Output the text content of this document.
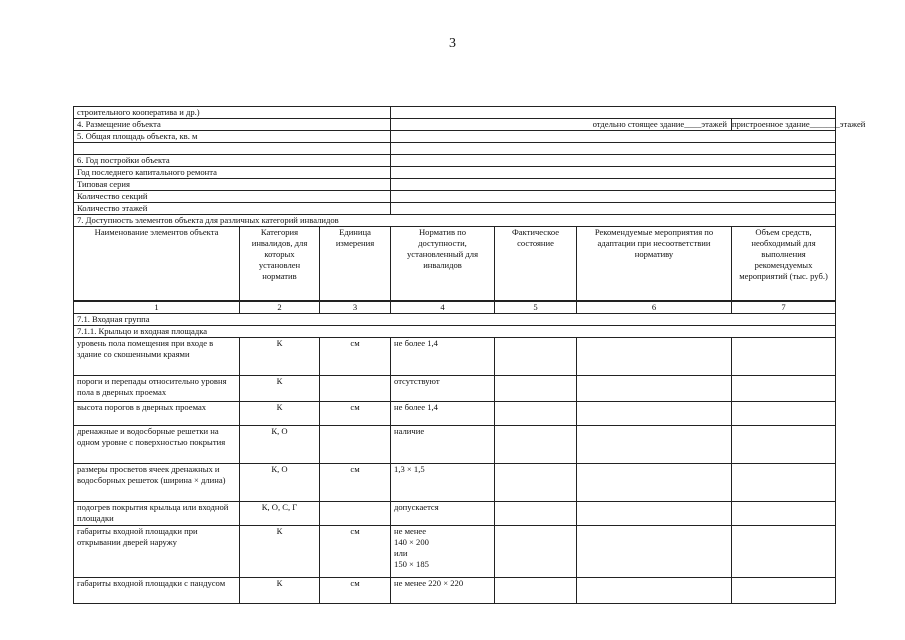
3
строительного кооператива и др.)						
4. Размещение объекта			отдельно стоящее здание____этажей			пристроенное здание_______этажей
5. Общая площадь объекта, кв. м						

6. Год постройки объекта						
Год последнего капитального ремонта						
Типовая серия						
Количество секций						
Количество этажей						
7. Доступность элементов объекта для различных категорий инвалидов						
Наименование элементов объекта	Категория инвалидов, для которых установлен норматив	Единица измерения	Норматив по доступности, установленный для инвалидов	Фактическое состояние	Рекомендуемые мероприятия по адаптации при несоответствии нормативу	Объем средств, необходимый для выполнения рекомендуемых мероприятий (тыс. руб.)
1	2	3	4	5	6	7
7.1. Входная группа						
7.1.1. Крыльцо и входная площадка						
уровень пола помещения при входе в здание со скошенными краями	К	см	не более 1,4			
пороги и перепады относительно уровня пола в дверных проемах	К		отсутствуют			
высота порогов в дверных проемах	К	см	не более 1,4			
дренажные и водосборные решетки на одном уровне с поверхностью покрытия	К, О		наличие			
размеры просветов ячеек дренажных и водосборных решеток (ширина × длина)	К, О	см	1,3 × 1,5			
подогрев покрытия крыльца или входной площадки	К, О, С, Г		допускается			
габариты входной площадки при открывании дверей наружу	К	см	не менее
140 × 200
или
150 × 185			
габариты входной площадки с пандусом	К	см	не менее 220 × 220			
